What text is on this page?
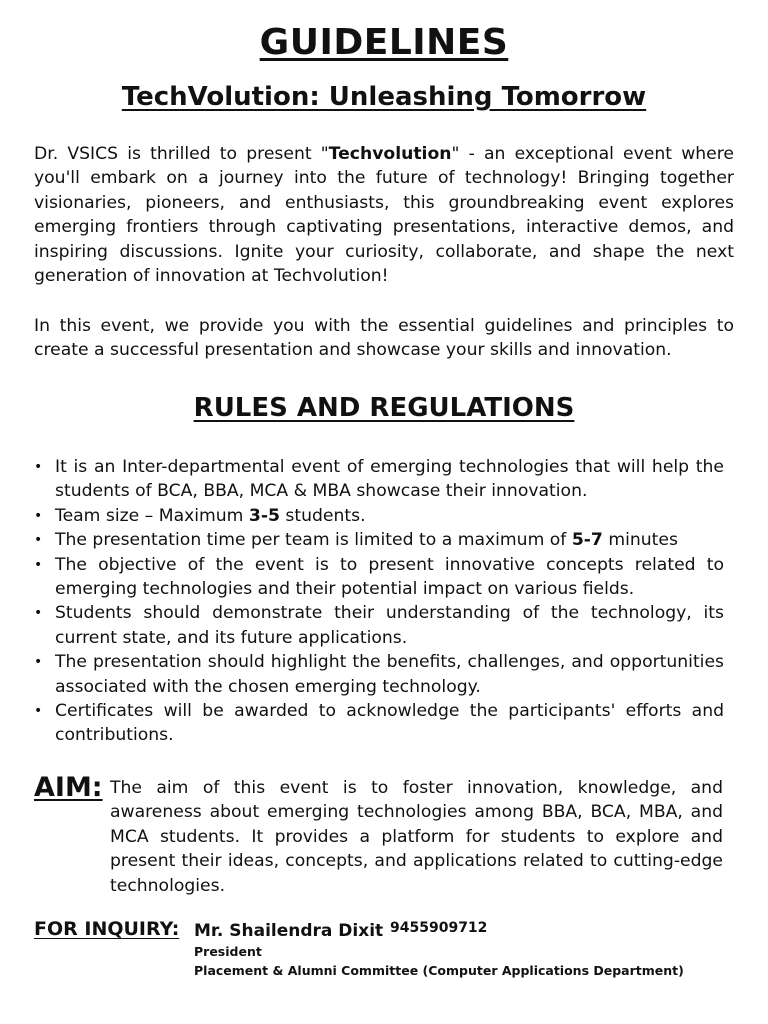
GUIDELINES
TechVolution: Unleashing Tomorrow
Dr. VSICS is thrilled to present "Techvolution" - an exceptional event where you'll embark on a journey into the future of technology! Bringing together visionaries, pioneers, and enthusiasts, this groundbreaking event explores emerging frontiers through captivating presentations, interactive demos, and inspiring discussions. Ignite your curiosity, collaborate, and shape the next generation of innovation at Techvolution!
In this event, we provide you with the essential guidelines and principles to create a successful presentation and showcase your skills and innovation.
RULES AND REGULATIONS
• It is an Inter-departmental event of emerging technologies that will help the students of BCA, BBA, MCA & MBA showcase their innovation.
• Team size – Maximum 3-5 students.
• The presentation time per team is limited to a maximum of 5-7 minutes
• The objective of the event is to present innovative concepts related to emerging technologies and their potential impact on various fields.
• Students should demonstrate their understanding of the technology, its current state, and its future applications.
• The presentation should highlight the benefits, challenges, and opportunities associated with the chosen emerging technology.
• Certificates will be awarded to acknowledge the participants' efforts and contributions.
AIM: The aim of this event is to foster innovation, knowledge, and awareness about emerging technologies among BBA, BCA, MBA, and MCA students. It provides a platform for students to explore and present their ideas, concepts, and applications related to cutting-edge technologies.
FOR INQUIRY: Mr. Shailendra Dixit 9455909712
President
Placement & Alumni Committee (Computer Applications Department)
